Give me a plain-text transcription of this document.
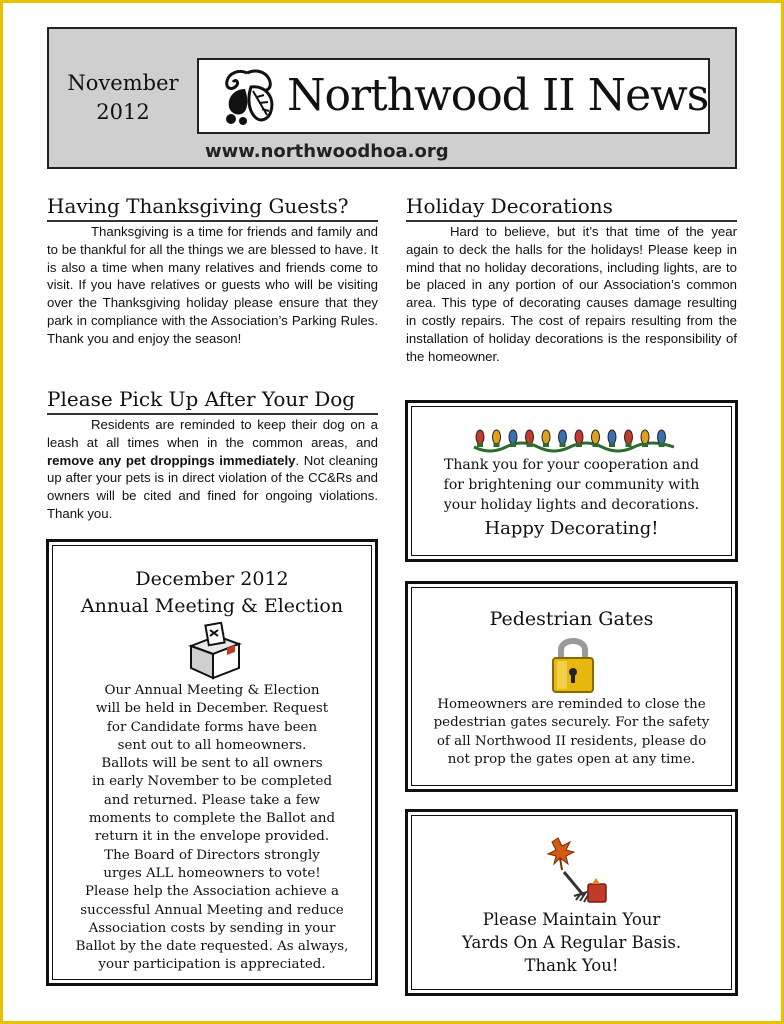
November
2012	Northwood II News
www.northwoodhoa.org
Having Thanksgiving Guests?
Thanksgiving is a time for friends and family and to be thankful for all the things we are blessed to have. It is also a time when many relatives and friends come to visit. If you have relatives or guests who will be visiting over the Thanksgiving holiday please ensure that they park in compliance with the Association’s Parking Rules. Thank you and enjoy the season!
Please Pick Up After Your Dog
Residents are reminded to keep their dog on a leash at all times when in the common areas, and remove any pet droppings immediately. Not cleaning up after your pets is in direct violation of the CC&Rs and owners will be cited and fined for ongoing violations. Thank you.
Holiday Decorations
Hard to believe, but it’s that time of the year again to deck the halls for the holidays! Please keep in mind that no holiday decorations, including lights, are to be placed in any portion of our Association’s common area. This type of decorating causes damage resulting in costly repairs. The cost of repairs resulting from the installation of holiday decorations is the responsibility of the homeowner.
December 2012
Annual Meeting & Election
Our Annual Meeting & Election
will be held in December. Request
for Candidate forms have been
sent out to all homeowners.
Ballots will be sent to all owners
in early November to be completed
and returned. Please take a few
moments to complete the Ballot and
return it in the envelope provided.
The Board of Directors strongly
urges ALL homeowners to vote!
Please help the Association achieve a
successful Annual Meeting and reduce
Association costs by sending in your
Ballot by the date requested. As always,
your participation is appreciated.
Thank you for your cooperation and
for brightening our community with
your holiday lights and decorations.
Happy Decorating!
Pedestrian Gates
Homeowners are reminded to close the
pedestrian gates securely. For the safety
of all Northwood II residents, please do
not prop the gates open at any time.
Please Maintain Your
Yards On A Regular Basis.
Thank You!
